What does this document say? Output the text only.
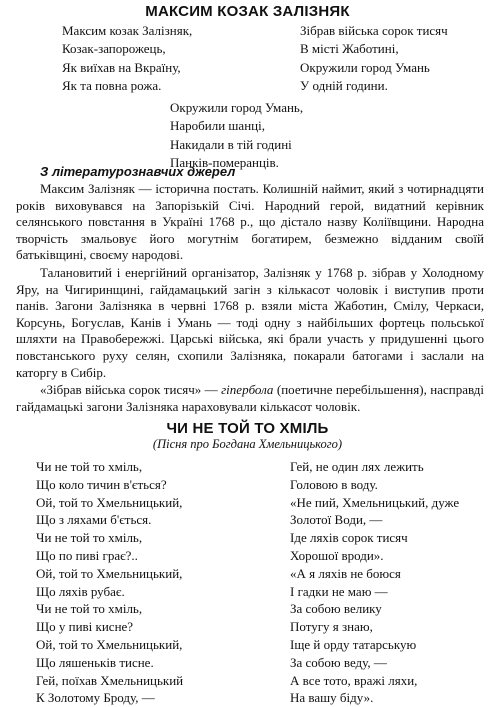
МАКСИМ КОЗАК ЗАЛІЗНЯК
Максим козак Залізняк,
Козак-запорожець,
Як виїхав на Вкраїну,
Як та повна рожа.
Зібрав війська сорок тисяч
В місті Жаботині,
Окружили город Умань
У одній години.
Окружили город Умань,
Наробили шанці,
Накидали в тій годині
Панків-померанців.
З літературознавчих джерел

Максим Залізняк — історична постать. Колишній наймит, який з чотирнадцяти років виховувався на Запорізькій Січі. Народний герой, видатний керівник селянського повстання в Україні 1768 р., що дістало назву Коліївщини. Народна творчість змальовує його могутнім богатирем, безмежно відданим своїй батьківщині, своєму народові.

Талановитий і енергійний організатор, Залізняк у 1768 р. зібрав у Холодному Яру, на Чигиринщині, гайдамацький загін з кількасот чоловік і виступив проти панів. Загони Залізняка в червні 1768 р. взяли міста Жаботин, Смілу, Черкаси, Корсунь, Богуслав, Канів і Умань — тоді одну з найбільших фортець польської шляхти на Правобережжі. Царські війська, які брали участь у придушенні цього повстанського руху селян, схопили Залізняка, покарали батогами і заслали на каторгу в Сибір.

«Зібрав війська сорок тисяч» — гіпербола (поетичне перебільшення), насправді гайдамацькі загони Залізняка нараховували кількасот чоловік.

ЧИ НЕ ТОЙ ТО ХМІЛЬ
(Пісня про Богдана Хмельницького)
Чи не той то хміль,
Що коло тичин в'ється?
Ой, той то Хмельницький,
Що з ляхами б'ється.
Чи не той то хміль,
Що по пиві грає?..
Ой, той то Хмельницький,
Що ляхів рубає.
Чи не той то хміль,
Що у пиві кисне?
Ой, той то Хмельницький,
Що ляшеньків тисне.
Гей, поїхав Хмельницький
К Золотому Броду, —
Гей, не один лях лежить
Головою в воду.
«Не пий, Хмельницький, дуже
Золотої Води, —
Іде ляхів сорок тисяч
Хорошої вроди».
«А я ляхів не боюся
І гадки не маю —
За собою велику
Потугу я знаю,
Іще й орду татарськую
За собою веду, —
А все тото, вражі ляхи,
На вашу біду».
